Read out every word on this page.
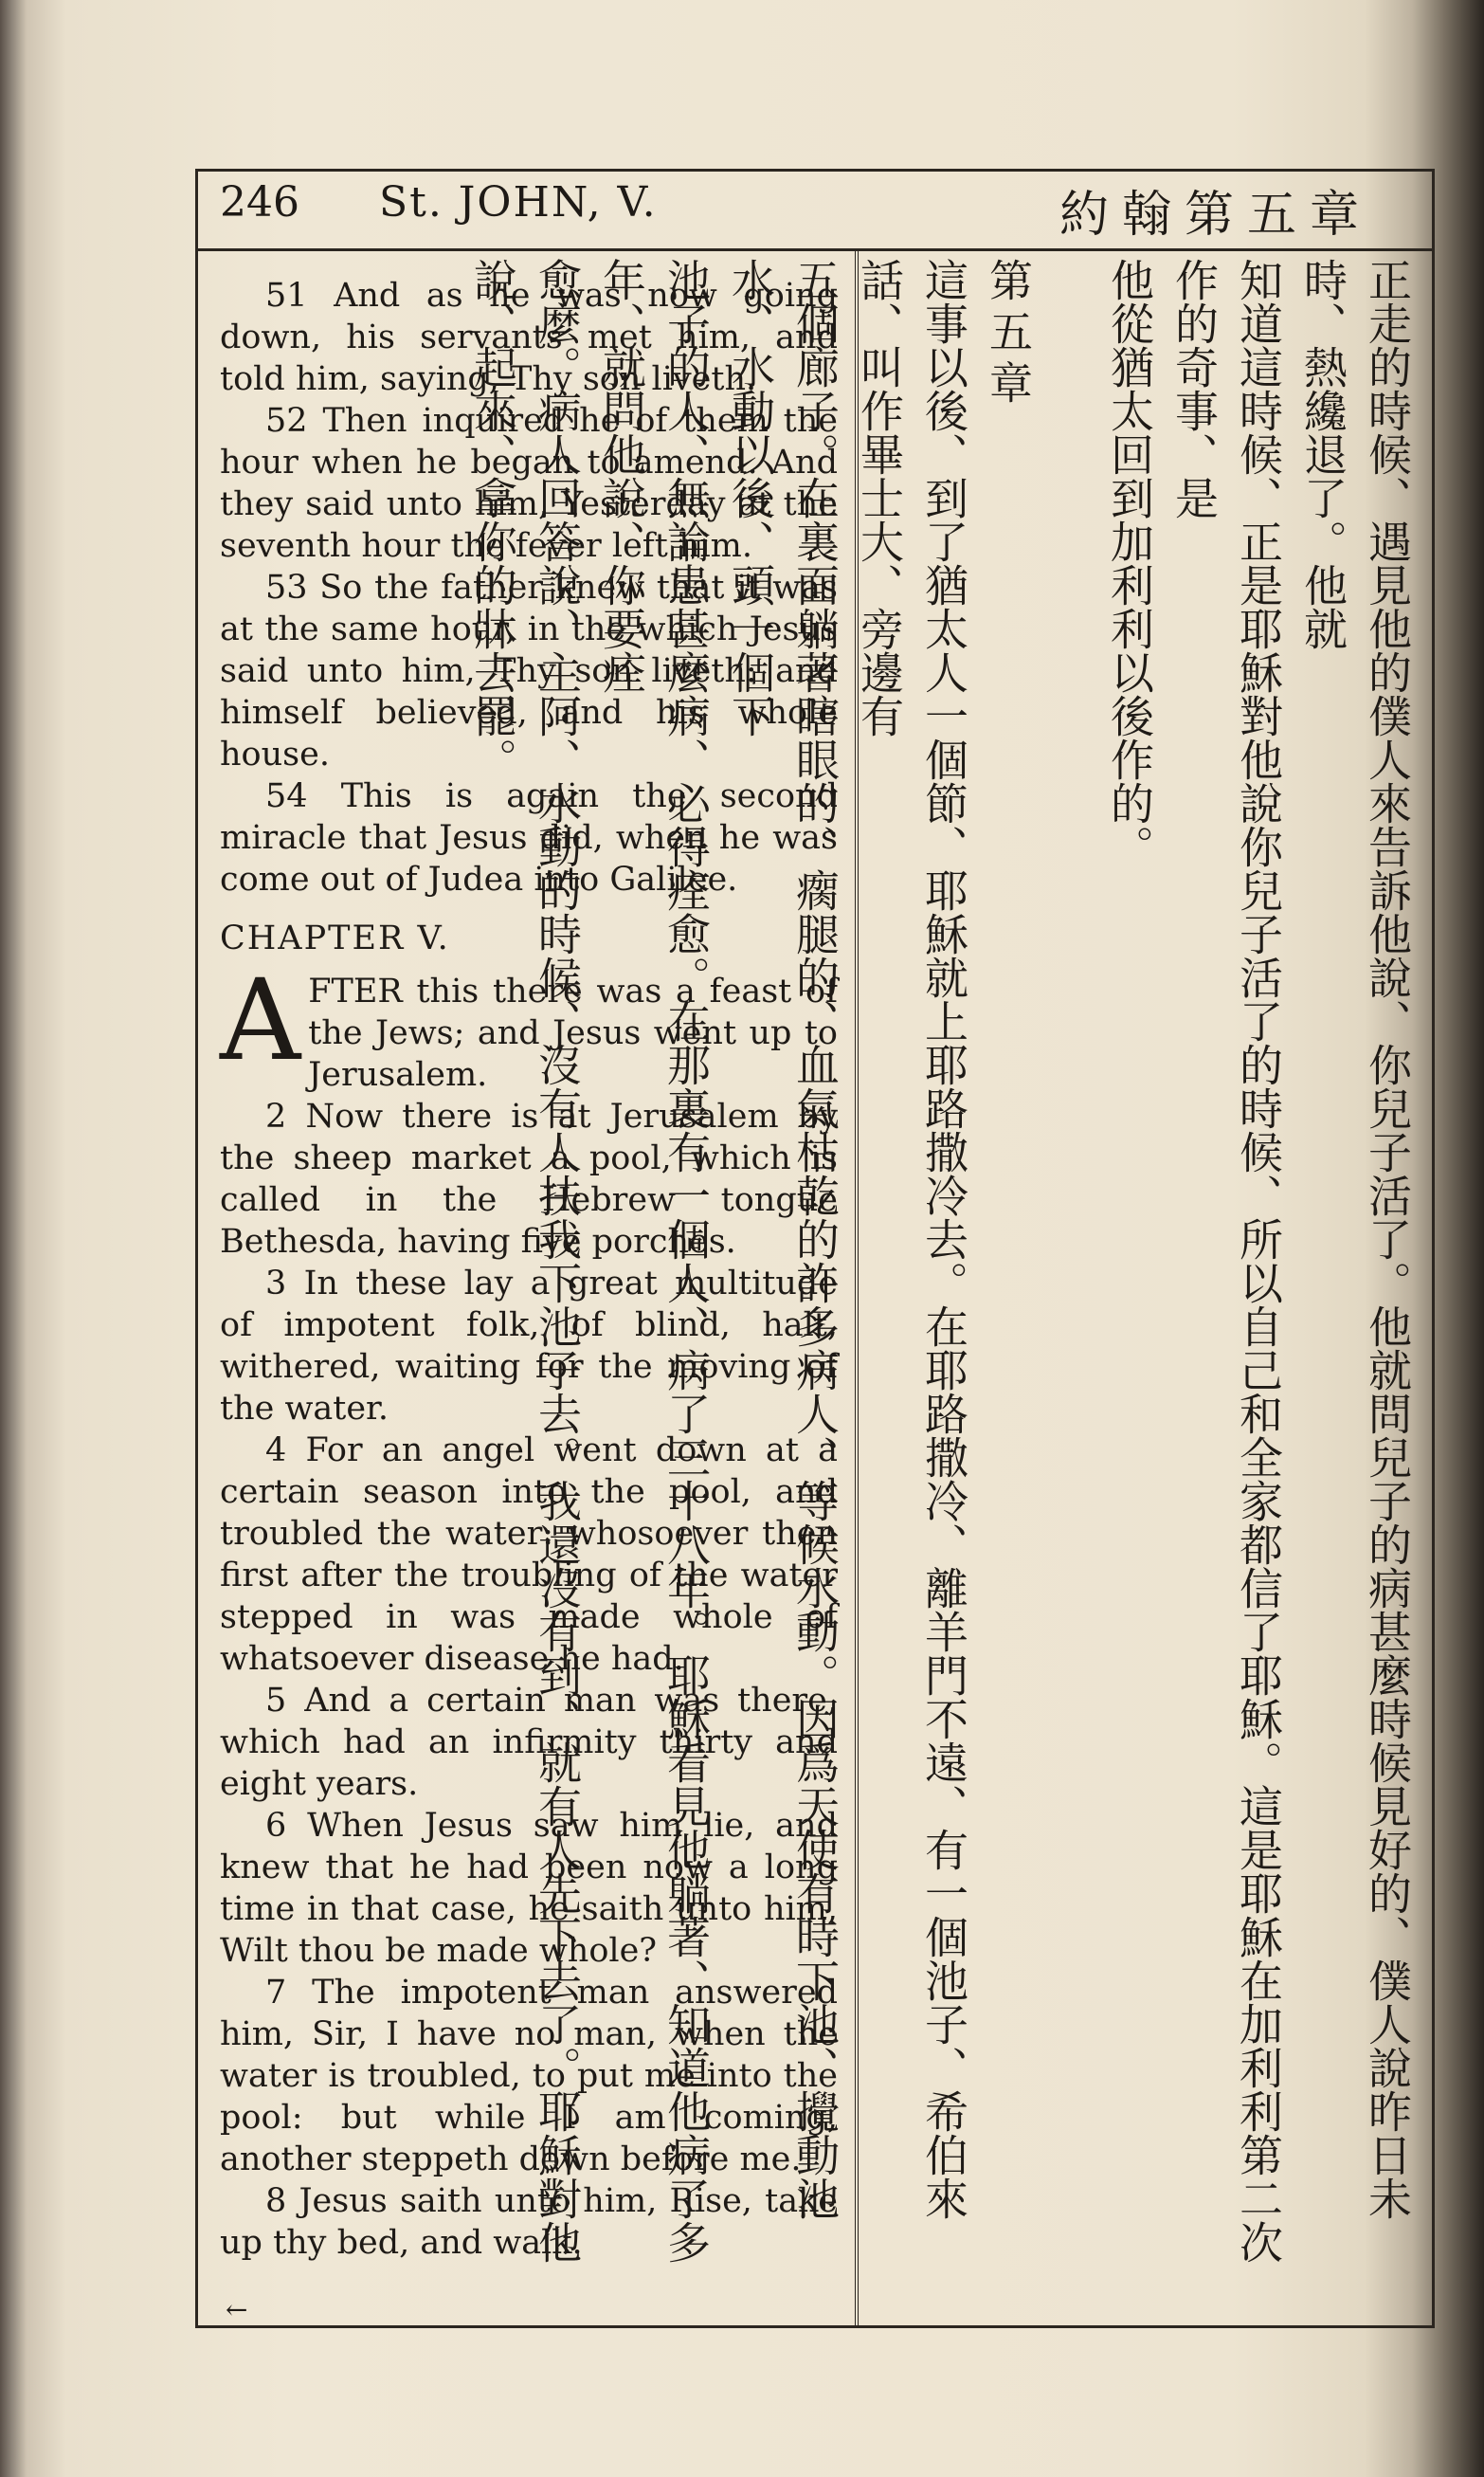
246 St. JOHN, V.	約翰第五章

51 And as he was now going down, his servants met him, and told him, saying, Thy son liveth.

52 Then inquired he of them the hour when he began to amend. And they said unto him, Yesterday at the seventh hour the fever left him.

53 So the father knew that it was at the same hour, in the which Jesus said unto him, Thy son liveth: and himself believed, and his whole house.

54 This is again the second miracle that Jesus did, when he was come out of Judea into Galilee.

CHAPTER V.

AFTER this there was a feast of the Jews; and Jesus went up to Jerusalem.

2 Now there is at Jerusalem by the sheep market a pool, which is called in the Hebrew tongue Bethesda, having five porches.

3 In these lay a great multitude of impotent folk, of blind, halt, withered, waiting for the moving of the water.

4 For an angel went down at a certain season into the pool, and troubled the water: whosoever then first after the troubling of the water stepped in was made whole of whatsoever disease he had.

5 And a certain man was there, which had an infirmity thirty and eight years.

6 When Jesus saw him lie, and knew that he had been now a long time in that case, he saith unto him, Wilt thou be made whole?

7 The impotent man answered him, Sir, I have no man, when the water is troubled, to put me into the pool: but while I am coming, another steppeth down before me.

8 Jesus saith unto him, Rise, take up thy bed, and walk.

正走的時候、遇見他的僕人來告訴他說、你兒子活了。他就問兒子的病甚麼時候見好的、僕人說昨日未時、熱纔退了。他就

知道這時候、正是耶穌對他說你兒子活了的時候、所以自己和全家都信了耶穌。這是耶穌在加利利第二次作的奇事、是

他從猶太回到加利利以後作的。

第五章

這事以後、到了猶太人一個節、耶穌就上耶路撒冷去。在耶路撒冷、離羊門不遠、有一個池子、希伯來話、叫作畢士大、旁邊有

五個廊子。在裏面躺著瞎眼的、瘸腿的、血氣枯乾的許多病人、等候水動。因爲天使有時下池、攪動池水、水動以後、頭一個下

池子的人、無論患甚麼病、必得痊愈。在那裏有一個人、病了三十八年。耶穌看見他躺著、知道他病了多年、就問他說、你要痊

愈麼。病人回答說、主阿、水動的時候、沒有人扶我下池子去。我還沒有到、就有人先下去了。耶穌對他說、起來、拿你的牀去罷。

←
